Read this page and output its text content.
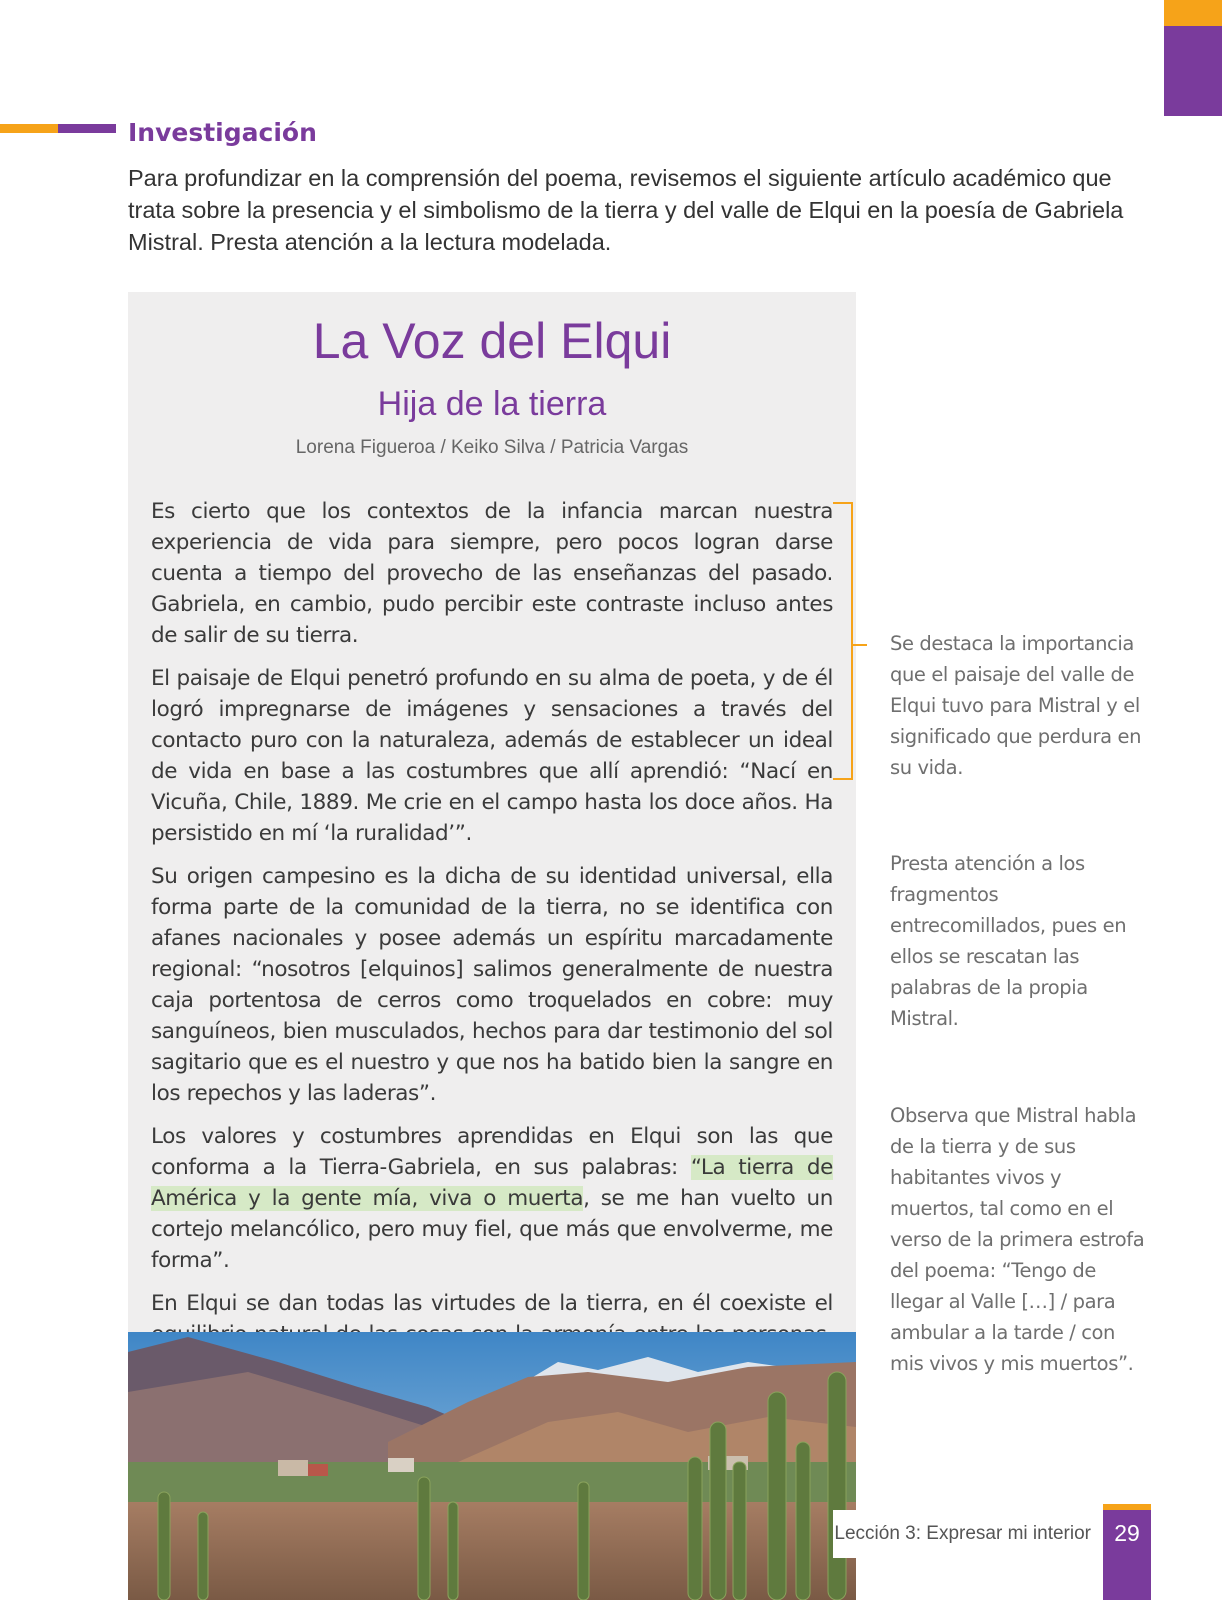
Investigación

Para profundizar en la comprensión del poema, revisemos el siguiente artículo académico que trata sobre la presencia y el simbolismo de la tierra y del valle de Elqui en la poesía de Gabriela Mistral. Presta atención a la lectura modelada.

La Voz del Elqui
Hija de la tierra
Lorena Figueroa / Keiko Silva / Patricia Vargas

Es cierto que los contextos de la infancia marcan nuestra experiencia de vida para siempre, pero pocos logran darse cuenta a tiempo del provecho de las enseñanzas del pasado. Gabriela, en cambio, pudo percibir este contraste incluso antes de salir de su tierra.

El paisaje de Elqui penetró profundo en su alma de poeta, y de él logró impregnarse de imágenes y sensaciones a través del contacto puro con la naturaleza, además de establecer un ideal de vida en base a las costumbres que allí aprendió: “Nací en Vicuña, Chile, 1889. Me crie en el campo hasta los doce años. Ha persistido en mí ‘la ruralidad’”.

Su origen campesino es la dicha de su identidad universal, ella forma parte de la comunidad de la tierra, no se identifica con afanes nacionales y posee además un espíritu marcadamente regional: “nosotros [elquinos] salimos generalmente de nuestra caja portentosa de cerros como troquelados en cobre: muy sanguíneos, bien musculados, hechos para dar testimonio del sol sagitario que es el nuestro y que nos ha batido bien la sangre en los repechos y las laderas”.

Los valores y costumbres aprendidas en Elqui son las que conforma a la Tierra-Gabriela, en sus palabras: “La tierra de América y la gente mía, viva o muerta, se me han vuelto un cortejo melancólico, pero muy fiel, que más que envolverme, me forma”.

En Elqui se dan todas las virtudes de la tierra, en él coexiste el

Se destaca la importancia que el paisaje del valle de Elqui tuvo para Mistral y el significado que perdura en su vida.

Presta atención a los fragmentos entrecomillados, pues en ellos se rescatan las palabras de la propia Mistral.

Observa que Mistral habla de la tierra y de sus habitantes vivos y muertos, tal como en el verso de la primera estrofa del poema: “Tengo de llegar al Valle […] / para ambular a la tarde / con mis vivos y mis muertos”.

Lección 3: Expresar mi interior	29
